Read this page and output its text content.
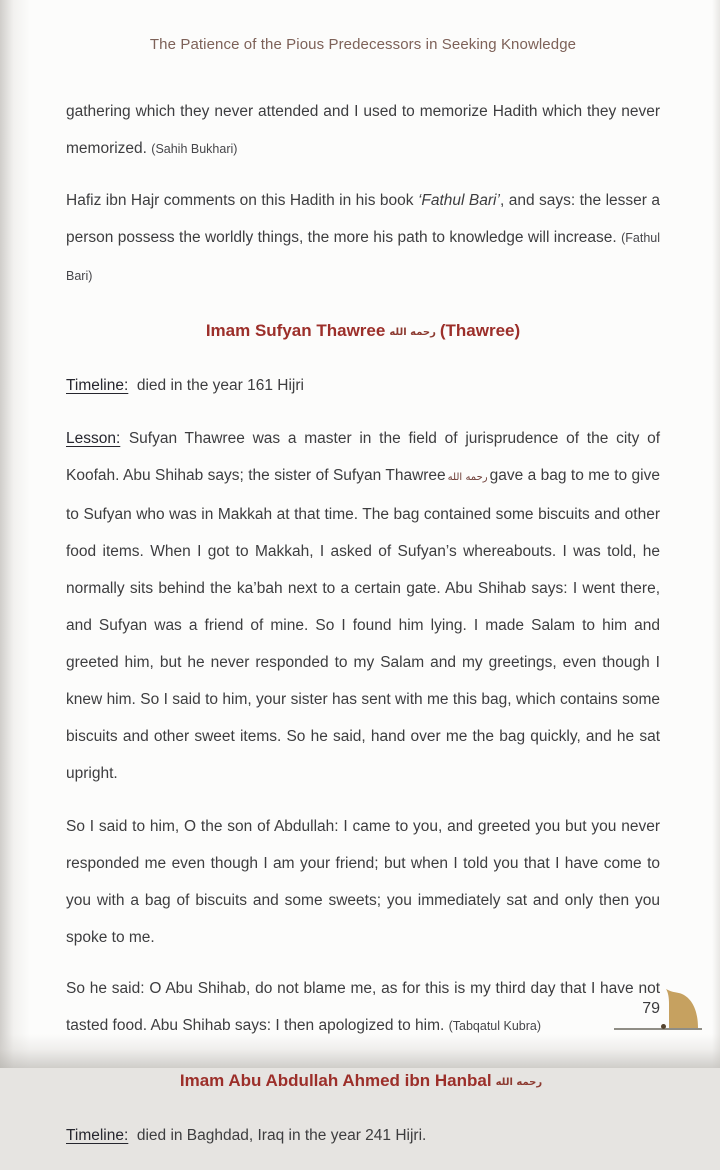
The Patience of the Pious Predecessors in Seeking Knowledge

gathering which they never attended and I used to memorize Hadith which they never memorized. (Sahih Bukhari)

Hafiz ibn Hajr comments on this Hadith in his book ‘Fathul Bari’, and says: the lesser a person possess the worldly things, the more his path to knowledge will increase. (Fathul Bari)

Imam Sufyan Thawree رحمه الله (Thawree)

Timeline: died in the year 161 Hijri

Lesson: Sufyan Thawree was a master in the field of jurisprudence of the city of Koofah. Abu Shihab says; the sister of Sufyan Thawree رحمه الله gave a bag to me to give to Sufyan who was in Makkah at that time. The bag contained some biscuits and other food items. When I got to Makkah, I asked of Sufyan’s whereabouts. I was told, he normally sits behind the ka’bah next to a certain gate. Abu Shihab says: I went there, and Sufyan was a friend of mine. So I found him lying. I made Salam to him and greeted him, but he never responded to my Salam and my greetings, even though I knew him. So I said to him, your sister has sent with me this bag, which contains some biscuits and other sweet items. So he said, hand over me the bag quickly, and he sat upright.

So I said to him, O the son of Abdullah: I came to you, and greeted you but you never responded me even though I am your friend; but when I told you that I have come to you with a bag of biscuits and some sweets; you immediately sat and only then you spoke to me.

So he said: O Abu Shihab, do not blame me, as for this is my third day that I have not tasted food. Abu Shihab says: I then apologized to him. (Tabqatul Kubra)

Imam Abu Abdullah Ahmed ibn Hanbal رحمه الله

Timeline: died in Baghdad, Iraq in the year 241 Hijri.

79
